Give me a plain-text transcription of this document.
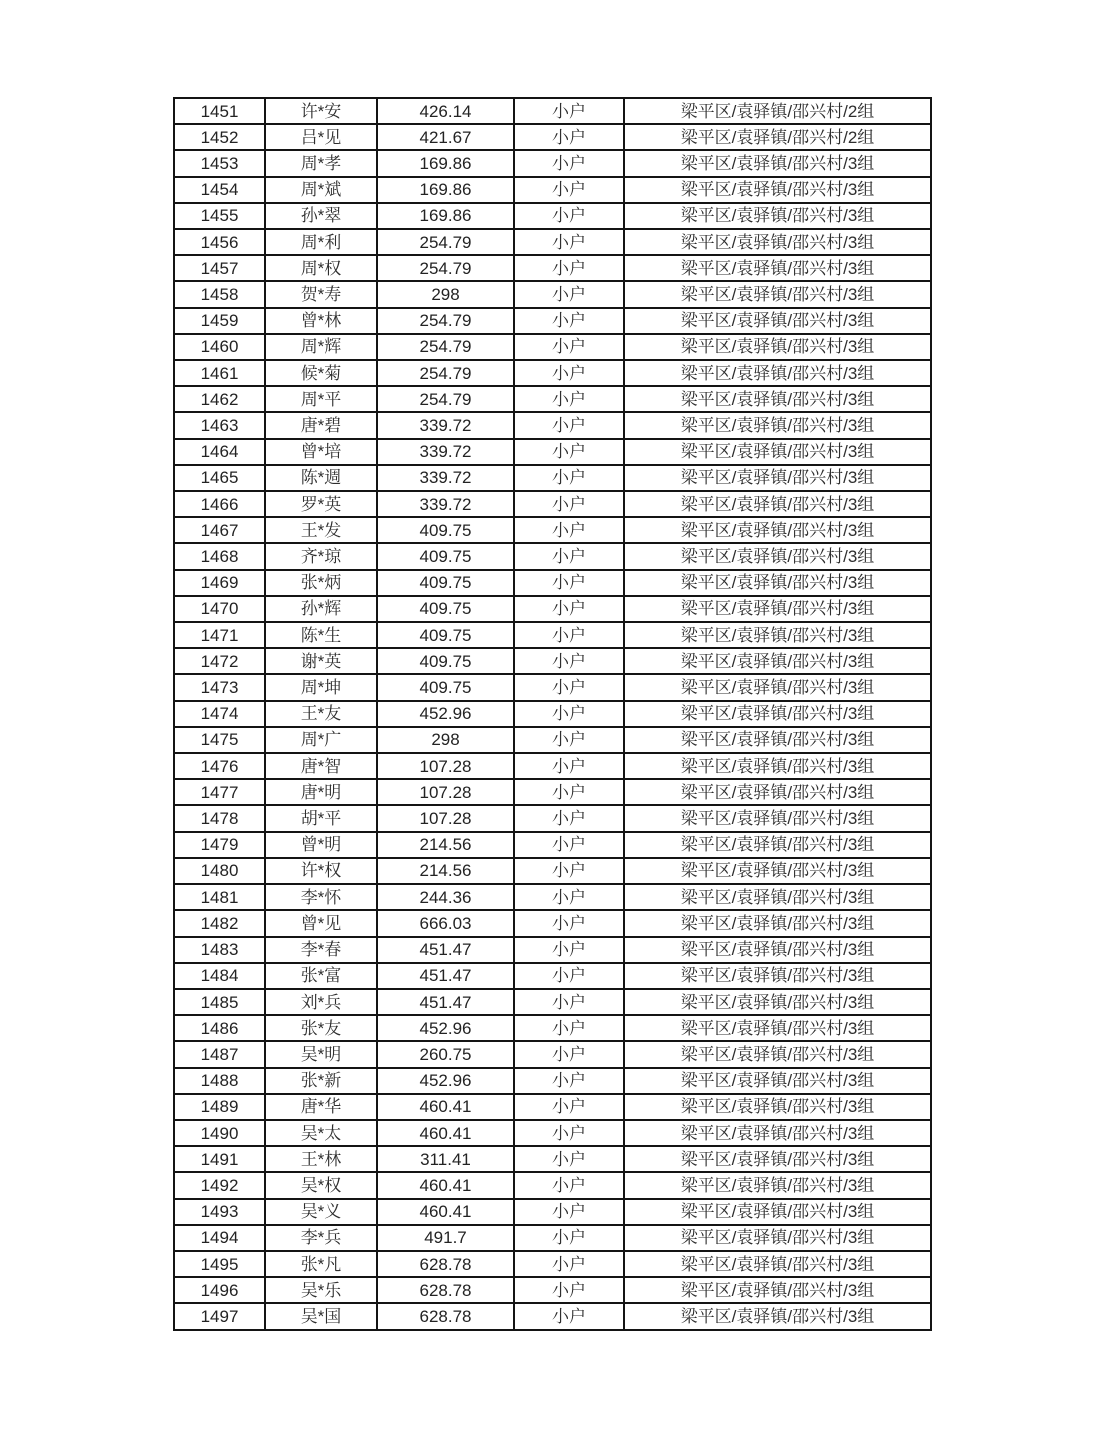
1451	许*安	426.14	小户	梁平区/袁驿镇/邵兴村/2组
1452	吕*见	421.67	小户	梁平区/袁驿镇/邵兴村/2组
1453	周*孝	169.86	小户	梁平区/袁驿镇/邵兴村/3组
1454	周*斌	169.86	小户	梁平区/袁驿镇/邵兴村/3组
1455	孙*翠	169.86	小户	梁平区/袁驿镇/邵兴村/3组
1456	周*利	254.79	小户	梁平区/袁驿镇/邵兴村/3组
1457	周*权	254.79	小户	梁平区/袁驿镇/邵兴村/3组
1458	贺*寿	298	小户	梁平区/袁驿镇/邵兴村/3组
1459	曾*林	254.79	小户	梁平区/袁驿镇/邵兴村/3组
1460	周*辉	254.79	小户	梁平区/袁驿镇/邵兴村/3组
1461	候*菊	254.79	小户	梁平区/袁驿镇/邵兴村/3组
1462	周*平	254.79	小户	梁平区/袁驿镇/邵兴村/3组
1463	唐*碧	339.72	小户	梁平区/袁驿镇/邵兴村/3组
1464	曾*培	339.72	小户	梁平区/袁驿镇/邵兴村/3组
1465	陈*週	339.72	小户	梁平区/袁驿镇/邵兴村/3组
1466	罗*英	339.72	小户	梁平区/袁驿镇/邵兴村/3组
1467	王*发	409.75	小户	梁平区/袁驿镇/邵兴村/3组
1468	齐*琼	409.75	小户	梁平区/袁驿镇/邵兴村/3组
1469	张*炳	409.75	小户	梁平区/袁驿镇/邵兴村/3组
1470	孙*辉	409.75	小户	梁平区/袁驿镇/邵兴村/3组
1471	陈*生	409.75	小户	梁平区/袁驿镇/邵兴村/3组
1472	谢*英	409.75	小户	梁平区/袁驿镇/邵兴村/3组
1473	周*坤	409.75	小户	梁平区/袁驿镇/邵兴村/3组
1474	王*友	452.96	小户	梁平区/袁驿镇/邵兴村/3组
1475	周*广	298	小户	梁平区/袁驿镇/邵兴村/3组
1476	唐*智	107.28	小户	梁平区/袁驿镇/邵兴村/3组
1477	唐*明	107.28	小户	梁平区/袁驿镇/邵兴村/3组
1478	胡*平	107.28	小户	梁平区/袁驿镇/邵兴村/3组
1479	曾*明	214.56	小户	梁平区/袁驿镇/邵兴村/3组
1480	许*权	214.56	小户	梁平区/袁驿镇/邵兴村/3组
1481	李*怀	244.36	小户	梁平区/袁驿镇/邵兴村/3组
1482	曾*见	666.03	小户	梁平区/袁驿镇/邵兴村/3组
1483	李*春	451.47	小户	梁平区/袁驿镇/邵兴村/3组
1484	张*富	451.47	小户	梁平区/袁驿镇/邵兴村/3组
1485	刘*兵	451.47	小户	梁平区/袁驿镇/邵兴村/3组
1486	张*友	452.96	小户	梁平区/袁驿镇/邵兴村/3组
1487	吴*明	260.75	小户	梁平区/袁驿镇/邵兴村/3组
1488	张*新	452.96	小户	梁平区/袁驿镇/邵兴村/3组
1489	唐*华	460.41	小户	梁平区/袁驿镇/邵兴村/3组
1490	吴*太	460.41	小户	梁平区/袁驿镇/邵兴村/3组
1491	王*林	311.41	小户	梁平区/袁驿镇/邵兴村/3组
1492	吴*权	460.41	小户	梁平区/袁驿镇/邵兴村/3组
1493	吴*义	460.41	小户	梁平区/袁驿镇/邵兴村/3组
1494	李*兵	491.7	小户	梁平区/袁驿镇/邵兴村/3组
1495	张*凡	628.78	小户	梁平区/袁驿镇/邵兴村/3组
1496	吴*乐	628.78	小户	梁平区/袁驿镇/邵兴村/3组
1497	吴*国	628.78	小户	梁平区/袁驿镇/邵兴村/3组
